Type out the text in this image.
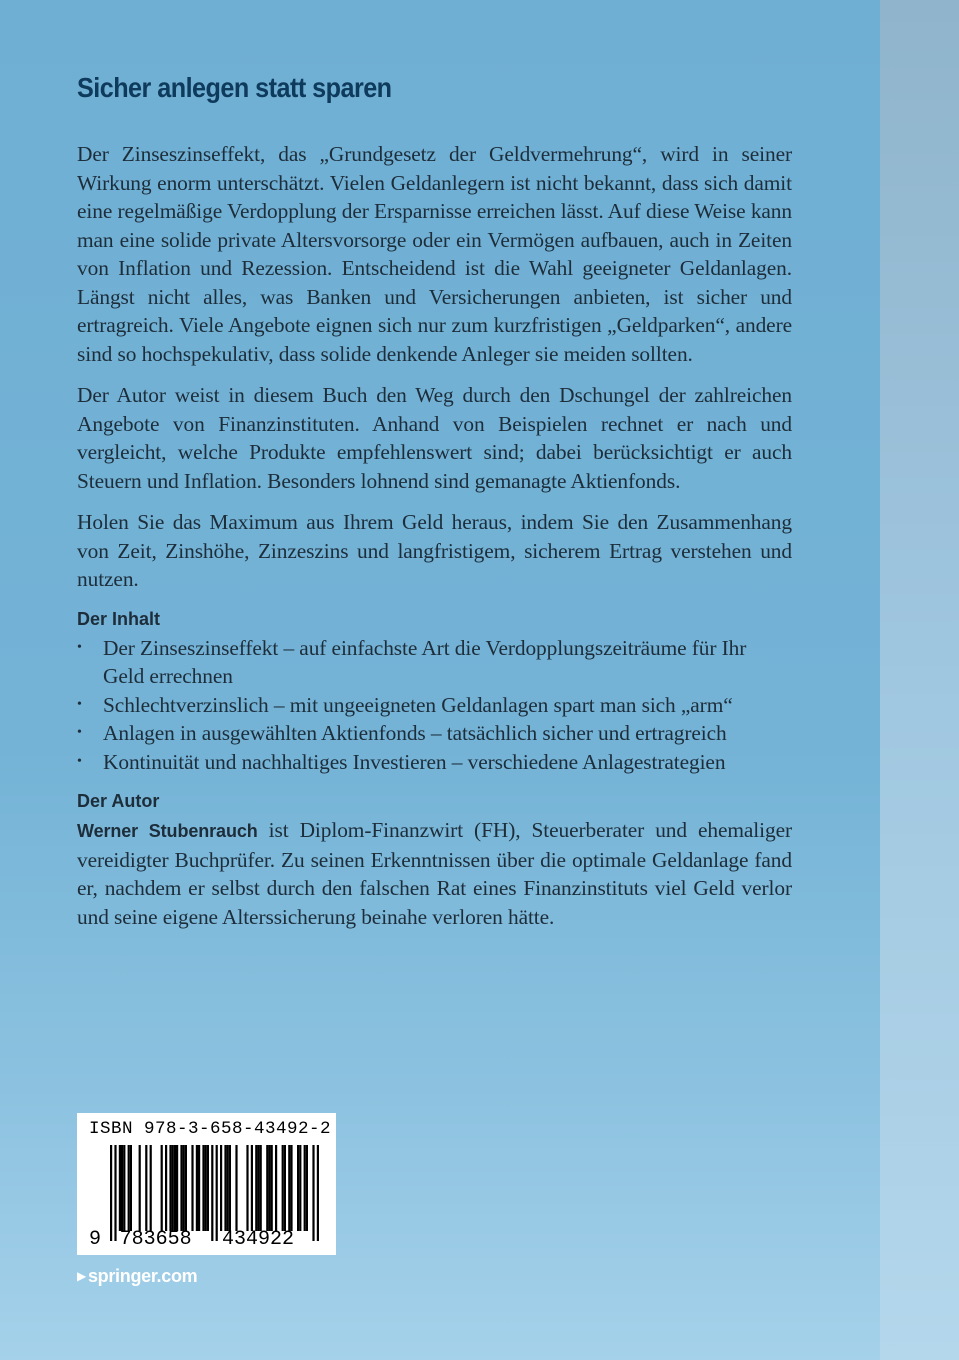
Sicher anlegen statt sparen

Der Zinseszinseffekt, das „Grundgesetz der Geldvermehrung“, wird in seiner Wirkung enorm unterschätzt. Vielen Geldanlegern ist nicht bekannt, dass sich damit eine regelmäßige Verdopplung der Ersparnisse erreichen lässt. Auf diese Weise kann man eine solide private Altersvorsorge oder ein Vermögen aufbauen, auch in Zeiten von Inflation und Rezession. Entscheidend ist die Wahl geeigneter Geldanlagen. Längst nicht alles, was Banken und Versicherungen anbieten, ist sicher und ertragreich. Viele Angebote eignen sich nur zum kurzfristigen „Geldparken“, andere sind so hochspekulativ, dass solide denkende Anleger sie meiden sollten.

Der Autor weist in diesem Buch den Weg durch den Dschungel der zahlreichen Angebote von Finanzinstituten. Anhand von Beispielen rechnet er nach und vergleicht, welche Produkte empfehlenswert sind; dabei berücksichtigt er auch Steuern und Inflation. Besonders lohnend sind gemanagte Aktienfonds.

Holen Sie das Maximum aus Ihrem Geld heraus, indem Sie den Zusammenhang von Zeit, Zinshöhe, Zinzeszins und langfristigem, sicherem Ertrag verstehen und nutzen.

Der Inhalt
• Der Zinseszinseffekt – auf einfachste Art die Verdopplungszeiträume für Ihr Geld errechnen
• Schlechtverzinslich – mit ungeeigneten Geldanlagen spart man sich „arm“
• Anlagen in ausgewählten Aktienfonds – tatsächlich sicher und ertragreich
• Kontinuität und nachhaltiges Investieren – verschiedene Anlagestrategien
Der Autor

Werner Stubenrauch ist Diplom-Finanzwirt (FH), Steuerberater und ehemaliger vereidigter Buchprüfer. Zu seinen Erkenntnissen über die optimale Geldanlage fand er, nachdem er selbst durch den falschen Rat eines Finanzinstituts viel Geld verlor und seine eigene Alterssicherung beinahe verloren hätte.

ISBN 978-3-658-43492-2
9 783658 434922
▶ springer.com
